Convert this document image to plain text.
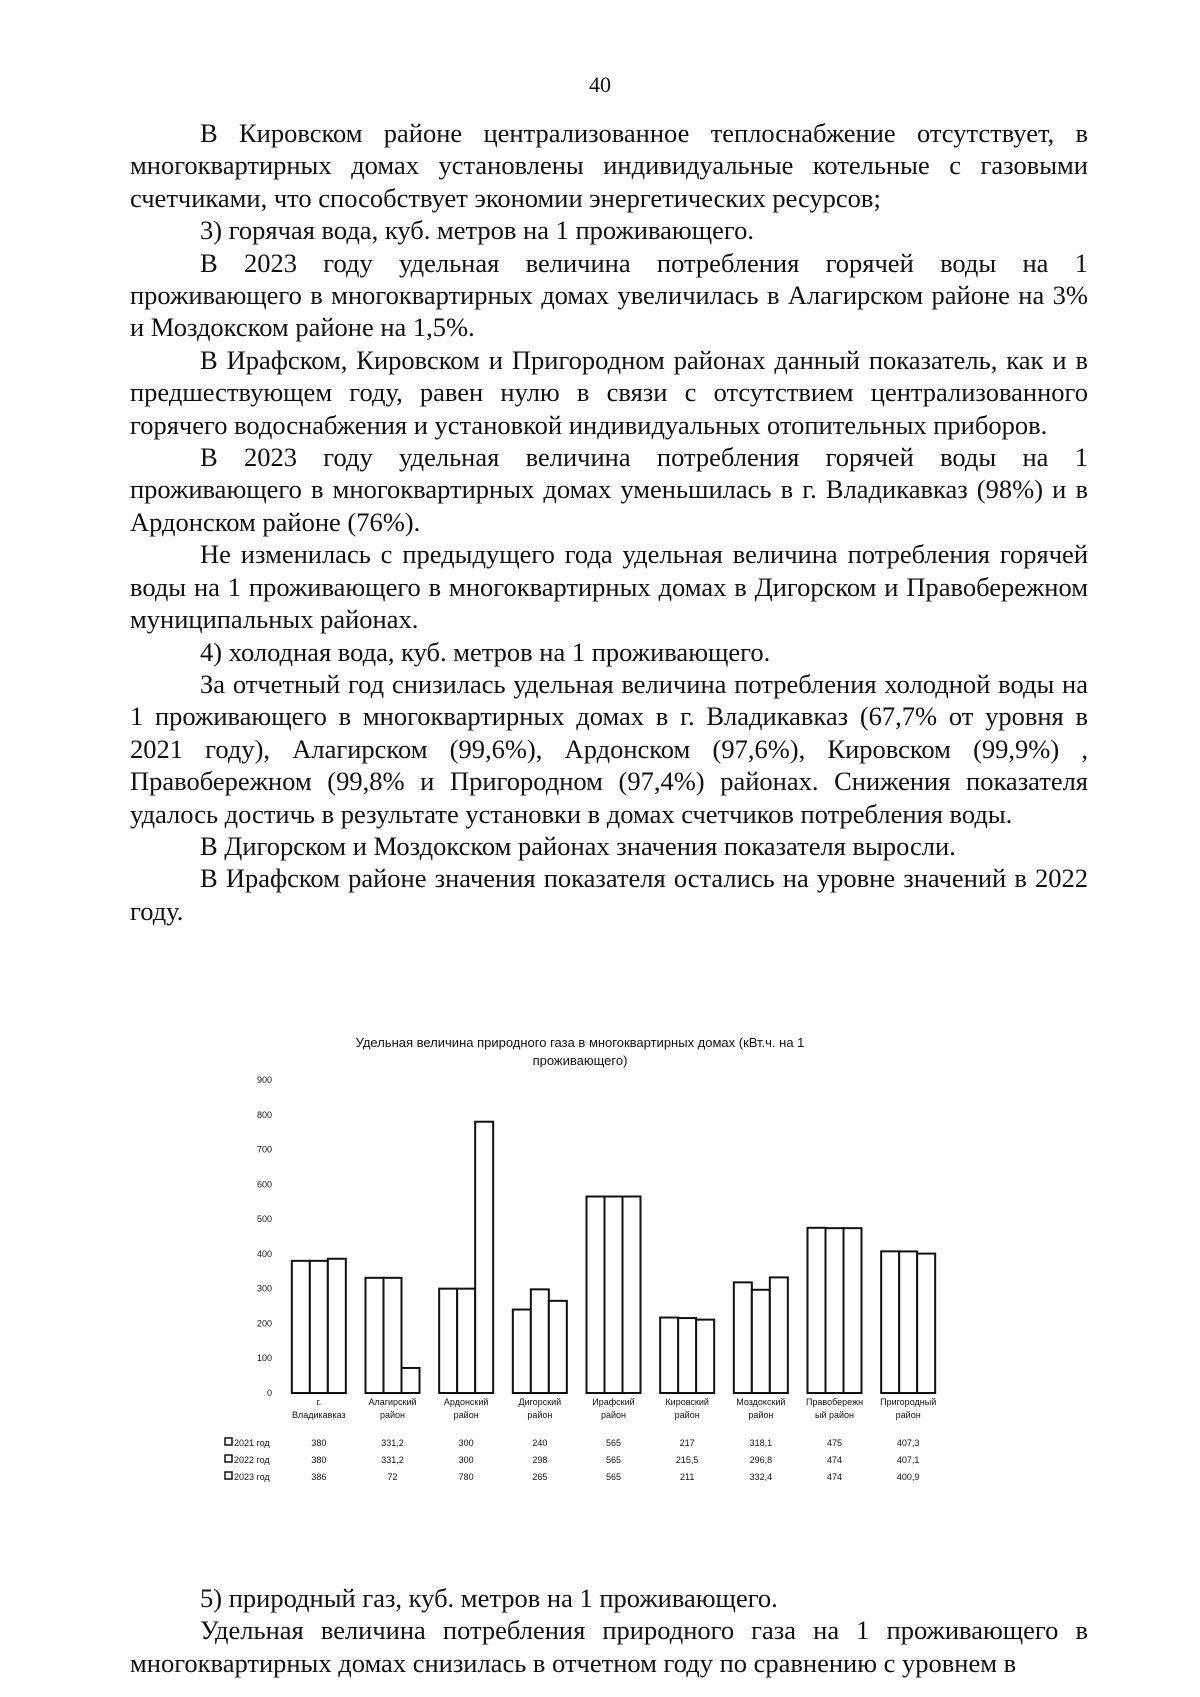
40

В Кировском районе централизованное теплоснабжение отсутствует, в многоквартирных домах установлены индивидуальные котельные с газовыми счетчиками, что способствует экономии энергетических ресурсов;

3) горячая вода, куб. метров на 1 проживающего.

В 2023 году удельная величина потребления горячей воды на 1 проживающего в многоквартирных домах увеличилась в Алагирском районе на 3% и Моздокском районе на 1,5%.

В Ирафском, Кировском и Пригородном районах данный показатель, как и в предшествующем году, равен нулю в связи с отсутствием централизованного горячего водоснабжения и установкой индивидуальных отопительных приборов.

В 2023 году удельная величина потребления горячей воды на 1 проживающего в многоквартирных домах уменьшилась в г. Владикавказ (98%) и в Ардонском районе (76%).

Не изменилась с предыдущего года удельная величина потребления горячей воды на 1 проживающего в многоквартирных домах в Дигорском и Правобережном муниципальных районах.

4) холодная вода, куб. метров на 1 проживающего.

За отчетный год снизилась удельная величина потребления холодной воды на 1 проживающего в многоквартирных домах в г. Владикавказ (67,7% от уровня в 2021 году), Алагирском (99,6%), Ардонском (97,6%), Кировском (99,9%) , Правобережном (99,8% и Пригородном (97,4%) районах. Снижения показателя удалось достичь в результате установки в домах счетчиков потребления воды.

В Дигорском и Моздокском районах значения показателя выросли.

В Ирафском районе значения показателя остались на уровне значений в 2022 году.

Удельная величина природного газа в многоквартирных домах (кВт.ч. на 1
проживающего)
0
100
200
300
400
500
600
700
800
900
г.
Владикавказ
Алагирский
район
Ардонский
район
Дигорский
район
Ирафский
район
Кировский
район
Моздокский
район
Правобережн
ый район
Пригородный
район
2021 год	380	331,2	300	240	565	217	318,1	475	407,3
2022 год	380	331,2	300	298	565	215,5	296,8	474	407,1
2023 год	386	72	780	265	565	211	332,4	474	400,9

5) природный газ, куб. метров на 1 проживающего.

Удельная величина потребления природного газа на 1 проживающего в многоквартирных домах снизилась в отчетном году по сравнению с уровнем в
